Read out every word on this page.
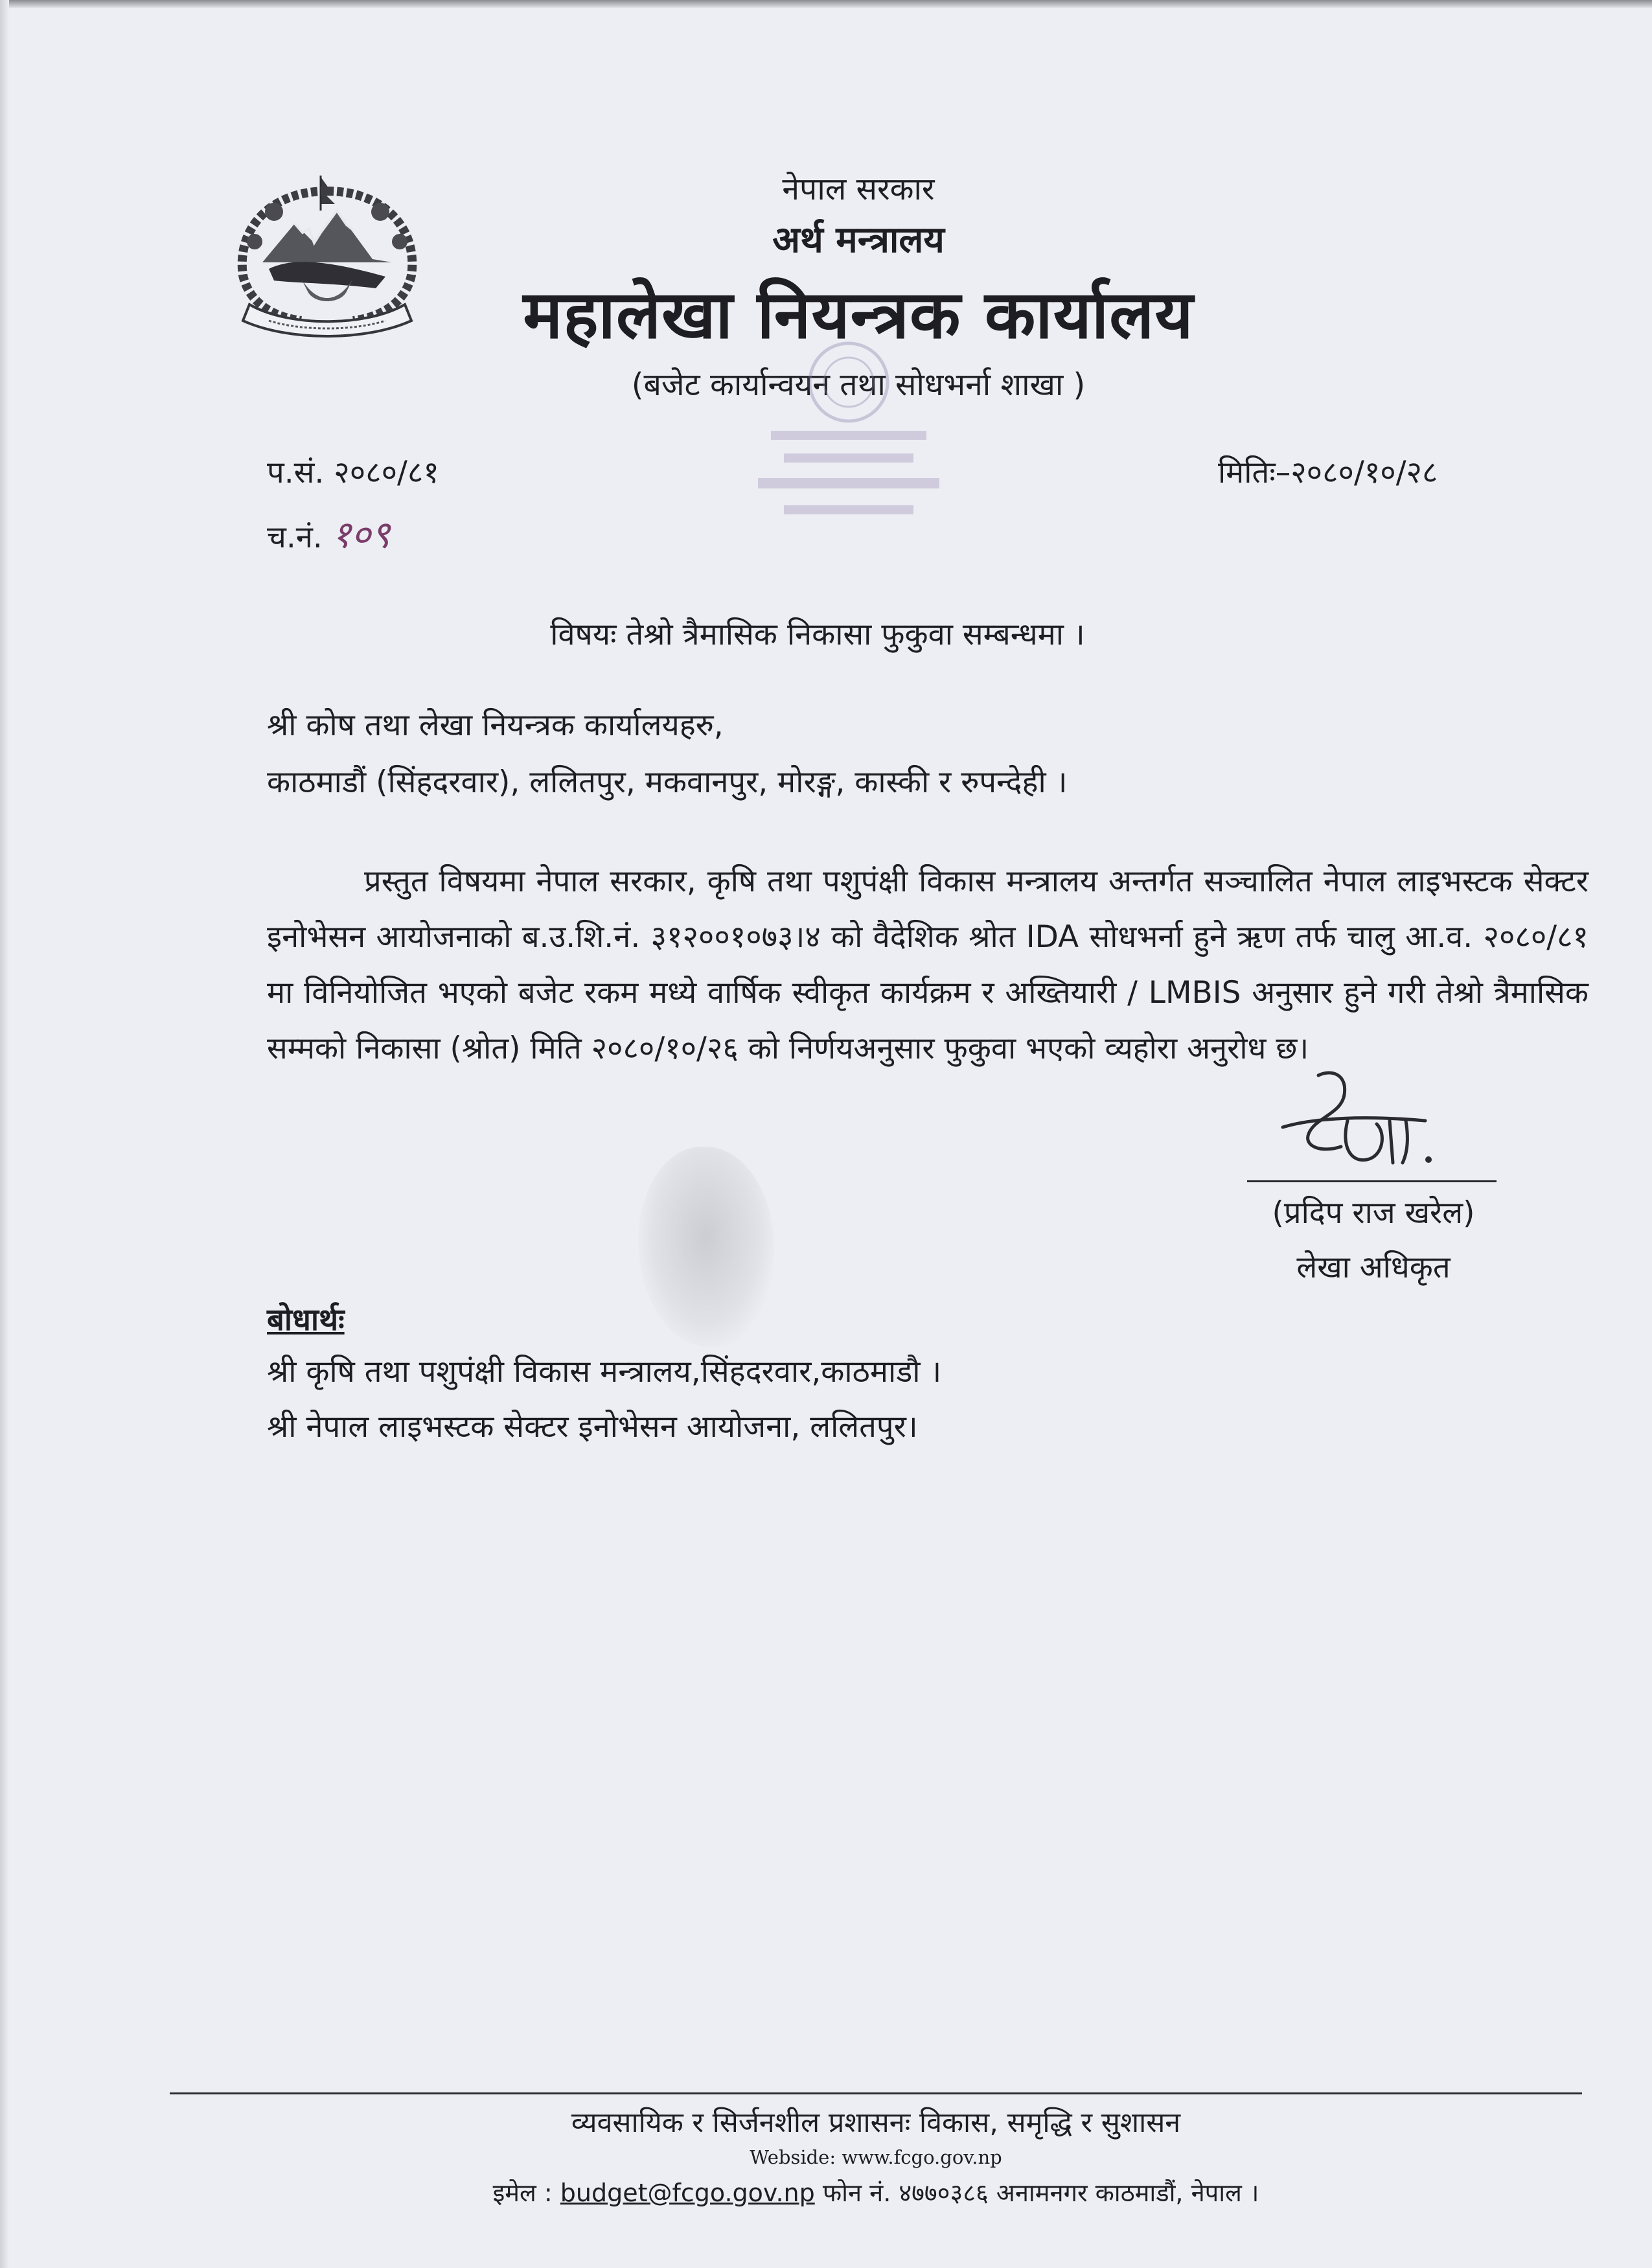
नेपाल सरकार
अर्थ मन्त्रालय
महालेखा नियन्त्रक कार्यालय
(बजेट कार्यान्वयन तथा सोधभर्ना शाखा )
प.सं. २०८०/८१
च.नं. १०९
मितिः–२०८०/१०/२८
विषयः तेश्रो त्रैमासिक निकासा फुकुवा सम्बन्धमा ।
श्री कोष तथा लेखा नियन्त्रक कार्यालयहरु,
काठमाडौं (सिंहदरवार), ललितपुर, मकवानपुर, मोरङ्ग, कास्की र रुपन्देही ।
प्रस्तुत विषयमा नेपाल सरकार, कृषि तथा पशुपंक्षी विकास मन्त्रालय अन्तर्गत सञ्चालित नेपाल लाइभस्टक सेक्टर इनोभेसन आयोजनाको ब.उ.शि.नं. ३१२००१०७३।४ को वैदेशिक श्रोत IDA सोधभर्ना हुने ऋण तर्फ चालु आ.व. २०८०/८१ मा विनियोजित भएको बजेट रकम मध्ये वार्षिक स्वीकृत कार्यक्रम र अख्तियारी / LMBIS अनुसार हुने गरी तेश्रो त्रैमासिक सम्मको निकासा (श्रोत) मिति २०८०/१०/२६ को निर्णयअनुसार फुकुवा भएको व्यहोरा अनुरोध छ।
(प्रदिप राज खरेल)
लेखा अधिकृत
बोधार्थः
श्री कृषि तथा पशुपंक्षी विकास मन्त्रालय,सिंहदरवार,काठमाडौ ।
श्री नेपाल लाइभस्टक सेक्टर इनोभेसन आयोजना, ललितपुर।
व्यवसायिक र सिर्जनशील प्रशासनः विकास, समृद्धि र सुशासन
Webside: www.fcgo.gov.np
इमेल : budget@fcgo.gov.np फोन नं. ४७७०३८६ अनामनगर काठमाडौं, नेपाल ।
